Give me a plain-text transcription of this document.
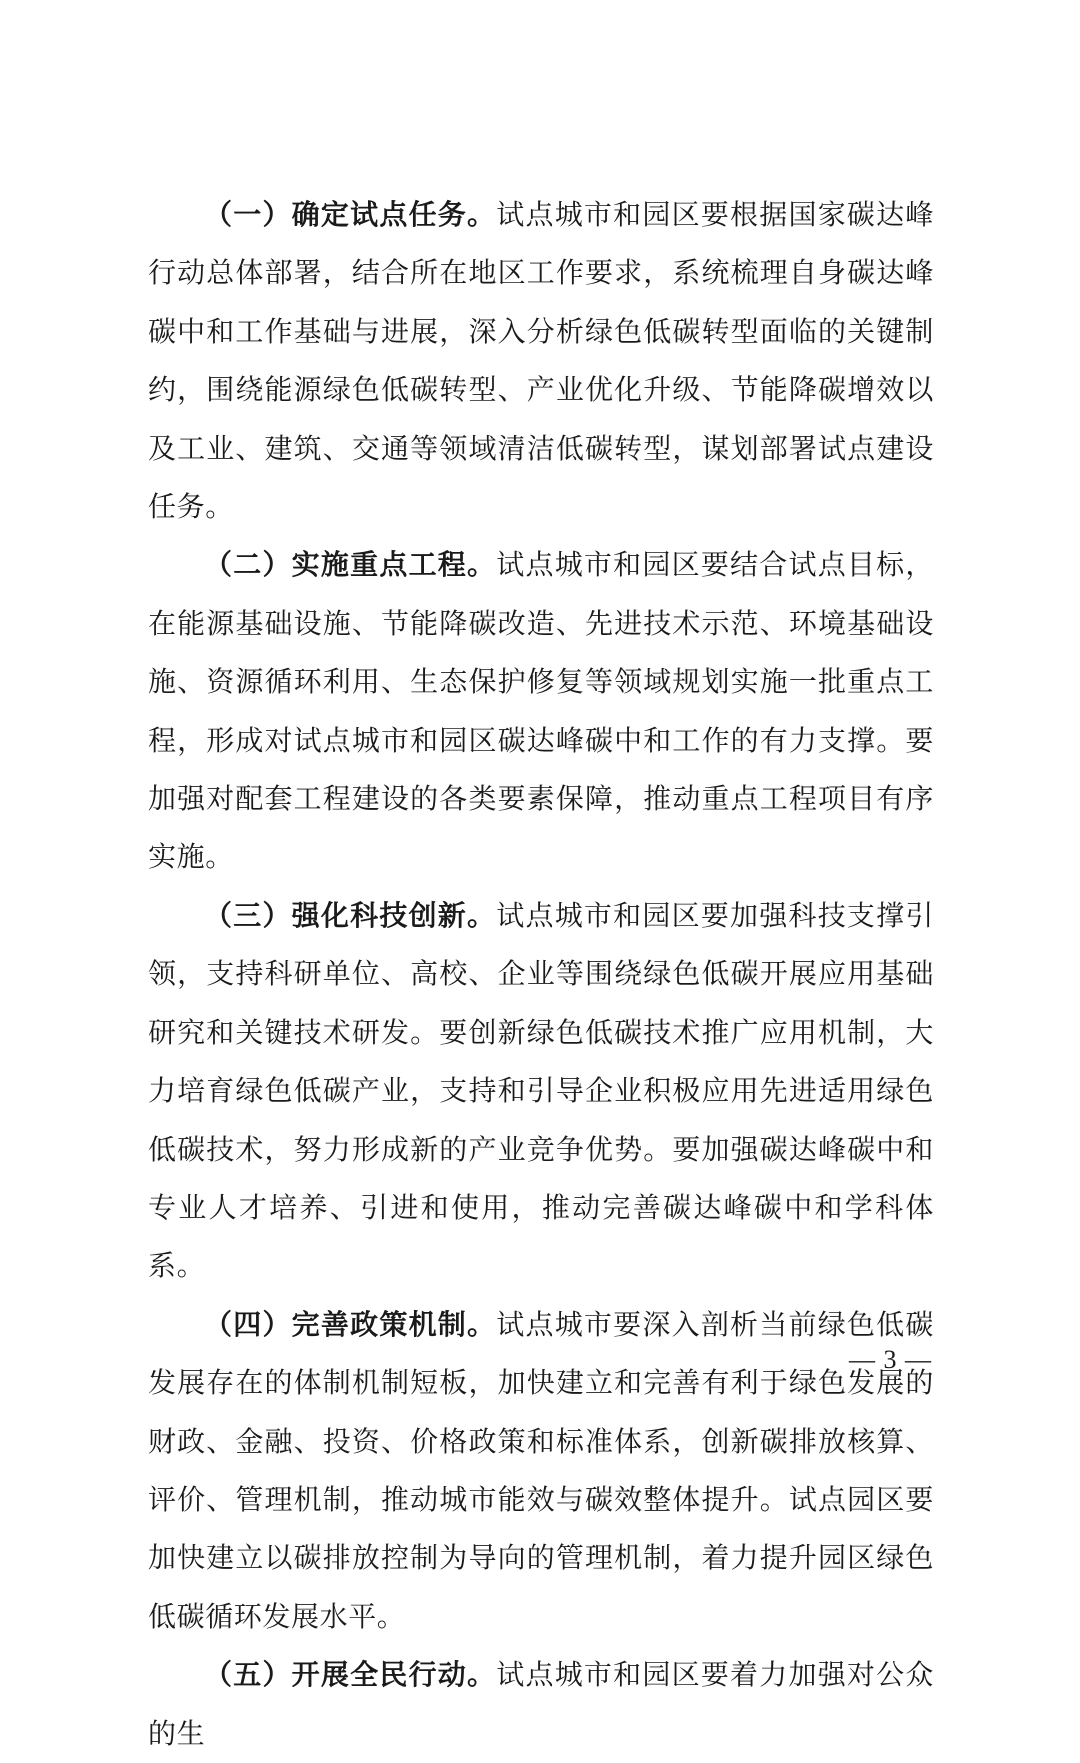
（一）确定试点任务。试点城市和园区要根据国家碳达峰行动总体部署，结合所在地区工作要求，系统梳理自身碳达峰碳中和工作基础与进展，深入分析绿色低碳转型面临的关键制约，围绕能源绿色低碳转型、产业优化升级、节能降碳增效以及工业、建筑、交通等领域清洁低碳转型，谋划部署试点建设任务。

（二）实施重点工程。试点城市和园区要结合试点目标，在能源基础设施、节能降碳改造、先进技术示范、环境基础设施、资源循环利用、生态保护修复等领域规划实施一批重点工程，形成对试点城市和园区碳达峰碳中和工作的有力支撑。要加强对配套工程建设的各类要素保障，推动重点工程项目有序实施。

（三）强化科技创新。试点城市和园区要加强科技支撑引领，支持科研单位、高校、企业等围绕绿色低碳开展应用基础研究和关键技术研发。要创新绿色低碳技术推广应用机制，大力培育绿色低碳产业，支持和引导企业积极应用先进适用绿色低碳技术，努力形成新的产业竞争优势。要加强碳达峰碳中和专业人才培养、引进和使用，推动完善碳达峰碳中和学科体系。

（四）完善政策机制。试点城市要深入剖析当前绿色低碳发展存在的体制机制短板，加快建立和完善有利于绿色发展的财政、金融、投资、价格政策和标准体系，创新碳排放核算、评价、管理机制，推动城市能效与碳效整体提升。试点园区要加快建立以碳排放控制为导向的管理机制，着力提升园区绿色低碳循环发展水平。

（五）开展全民行动。试点城市和园区要着力加强对公众的生

— 3 —
